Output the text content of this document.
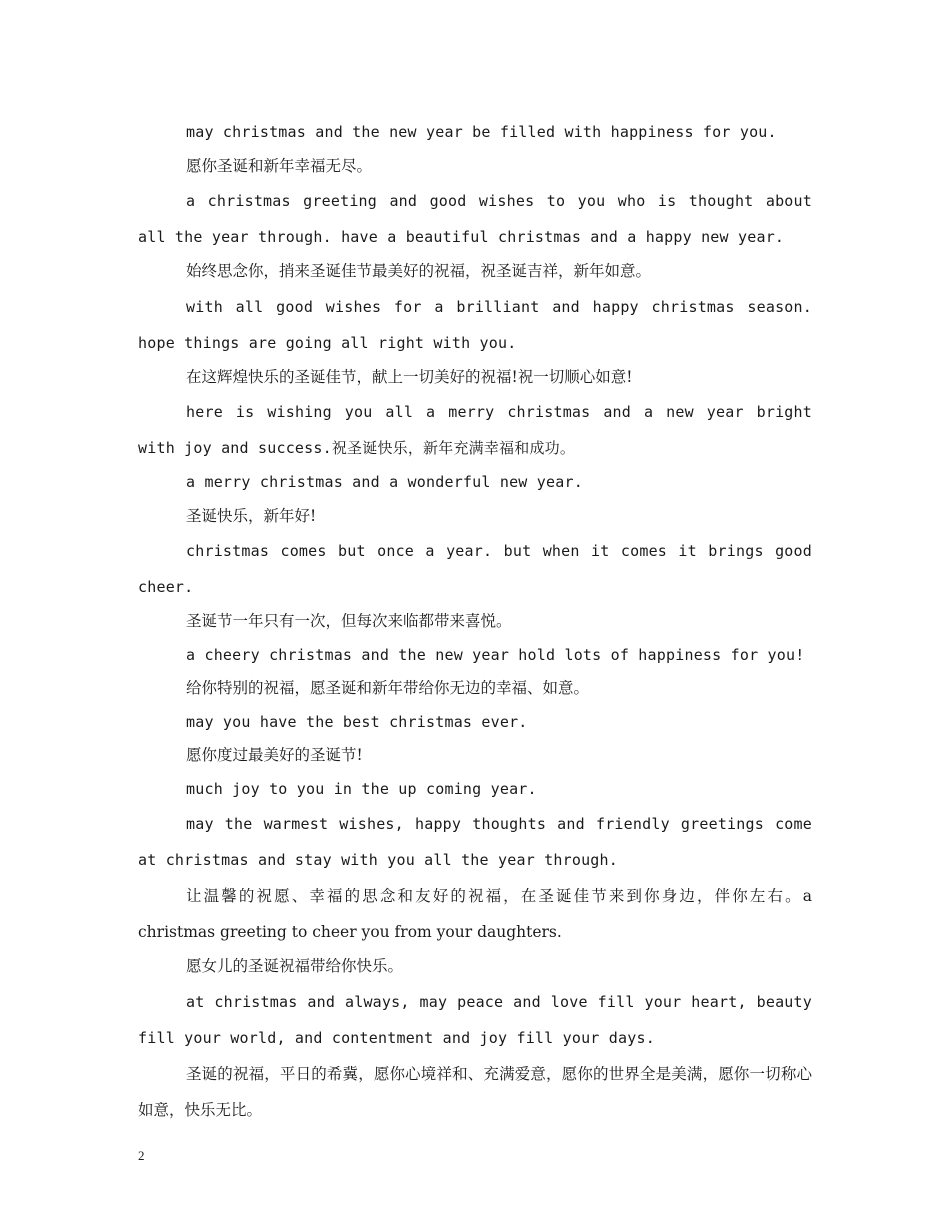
may christmas and the new year be filled with happiness for you.

愿你圣诞和新年幸福无尽。

a christmas greeting and good wishes to you who is thought about all the year through. have a beautiful christmas and a happy new year.

始终思念你，捎来圣诞佳节最美好的祝福，祝圣诞吉祥，新年如意。

with all good wishes for a brilliant and happy christmas season. hope things are going all right with you.

在这辉煌快乐的圣诞佳节，献上一切美好的祝福!祝一切顺心如意!

here is wishing you all a merry christmas and a new year bright with joy and success.祝圣诞快乐，新年充满幸福和成功。

a merry christmas and a wonderful new year.

圣诞快乐，新年好!

christmas comes but once a year. but when it comes it brings good cheer.

圣诞节一年只有一次，但每次来临都带来喜悦。

a cheery christmas and the new year hold lots of happiness for you!

给你特别的祝福，愿圣诞和新年带给你无边的幸福、如意。

may you have the best christmas ever.

愿你度过最美好的圣诞节!

much joy to you in the up coming year.

may the warmest wishes, happy thoughts and friendly greetings come at christmas and stay with you all the year through.

让温馨的祝愿、幸福的思念和友好的祝福，在圣诞佳节来到你身边，伴你左右。a christmas greeting to cheer you from your daughters.

愿女儿的圣诞祝福带给你快乐。

at christmas and always, may peace and love fill your heart, beauty fill your world, and contentment and joy fill your days.

圣诞的祝福，平日的希冀，愿你心境祥和、充满爱意，愿你的世界全是美满，愿你一切称心如意，快乐无比。

2
